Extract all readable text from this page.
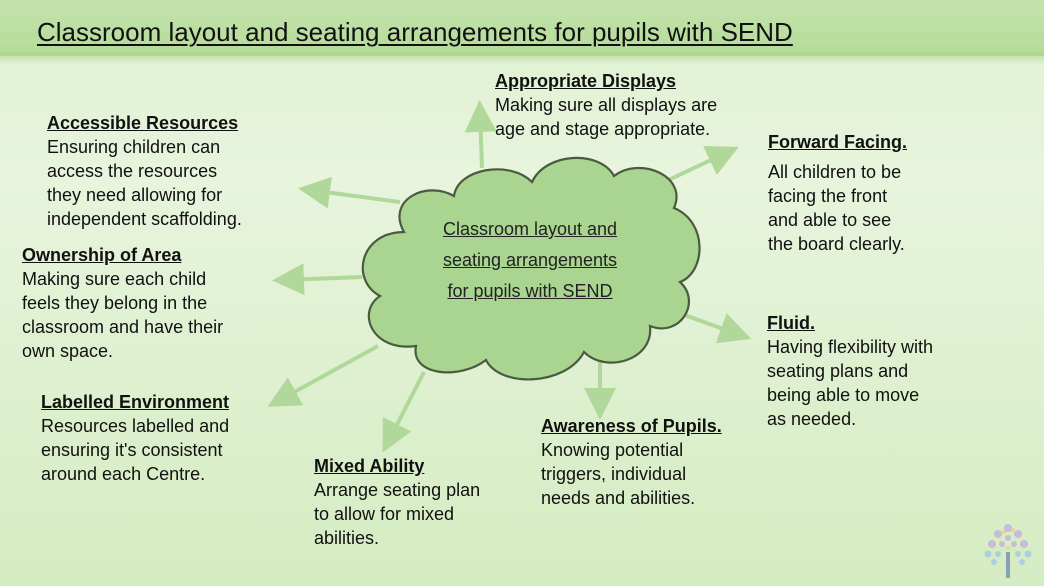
Classroom layout and seating arrangements for pupils with SEND
Classroom layout and
seating arrangements
for pupils with SEND
Appropriate Displays
Making sure all displays are
age and stage appropriate.
Accessible Resources
Ensuring children can
access the resources
they need allowing for
independent scaffolding.
Forward Facing.
All children to be
facing the front
and able to see
the board clearly.
Ownership of Area
Making sure each child
feels they belong in the
classroom and have their
own space.
Fluid.
Having flexibility with
seating plans and
being able to move
as needed.
Labelled Environment
Resources labelled and
ensuring it's consistent
around each Centre.
Awareness of Pupils.
Knowing potential
triggers, individual
needs and abilities.
Mixed Ability
Arrange seating plan
to allow for mixed
abilities.
